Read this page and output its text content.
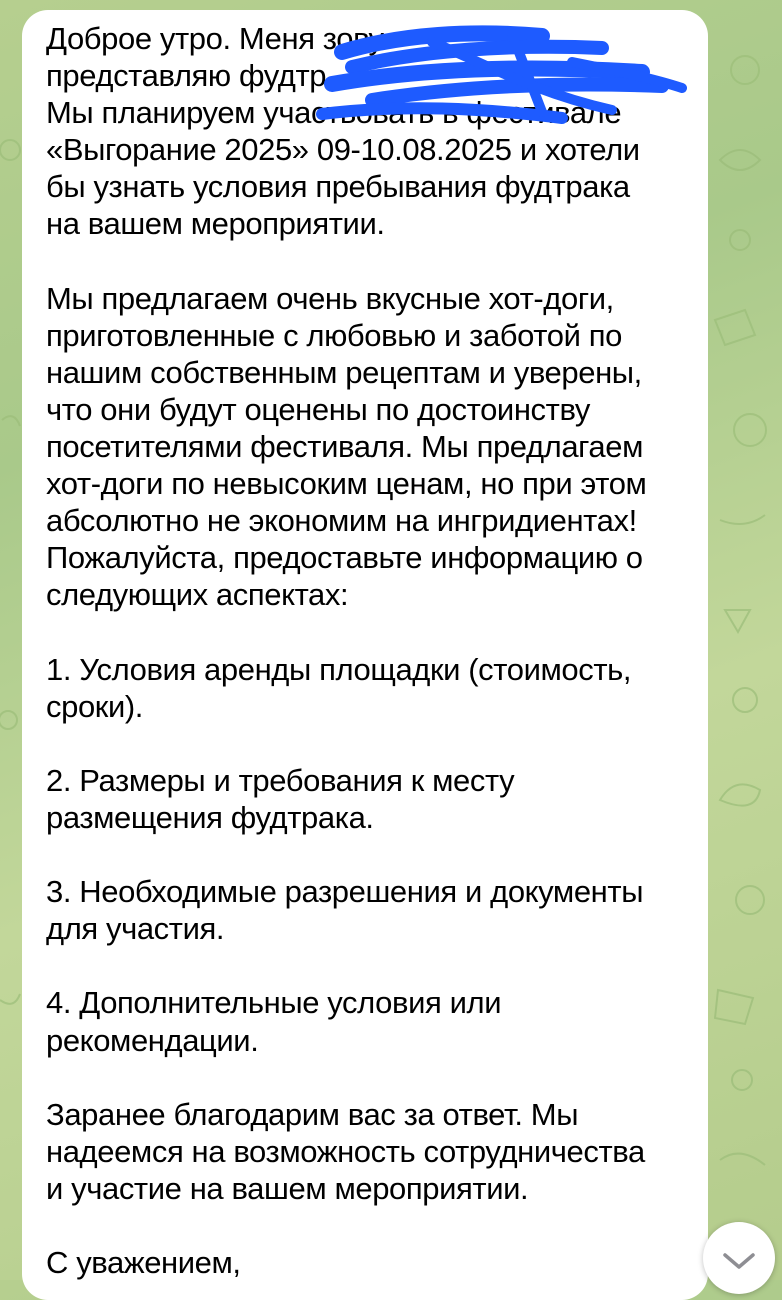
Доброе утро. Меня зову
представляю фудтр
Мы планируем участвовать в фестивале
«Выгорание 2025» 09-10.08.2025 и хотели
бы узнать условия пребывания фудтрака
на вашем мероприятии.
Мы предлагаем очень вкусные хот-доги,
приготовленные с любовью и заботой по
нашим собственным рецептам и уверены,
что они будут оценены по достоинству
посетителями фестиваля. Мы предлагаем
хот-доги по невысоким ценам, но при этом
абсолютно не экономим на ингридиентах!
Пожалуйста, предоставьте информацию о
следующих аспектах:
1. Условия аренды площадки (стоимость,
сроки).
2. Размеры и требования к месту
размещения фудтрака.
3. Необходимые разрешения и документы
для участия.
4. Дополнительные условия или
рекомендации.
Заранее благодарим вас за ответ. Мы
надеемся на возможность сотрудничества
и участие на вашем мероприятии.
С уважением,
